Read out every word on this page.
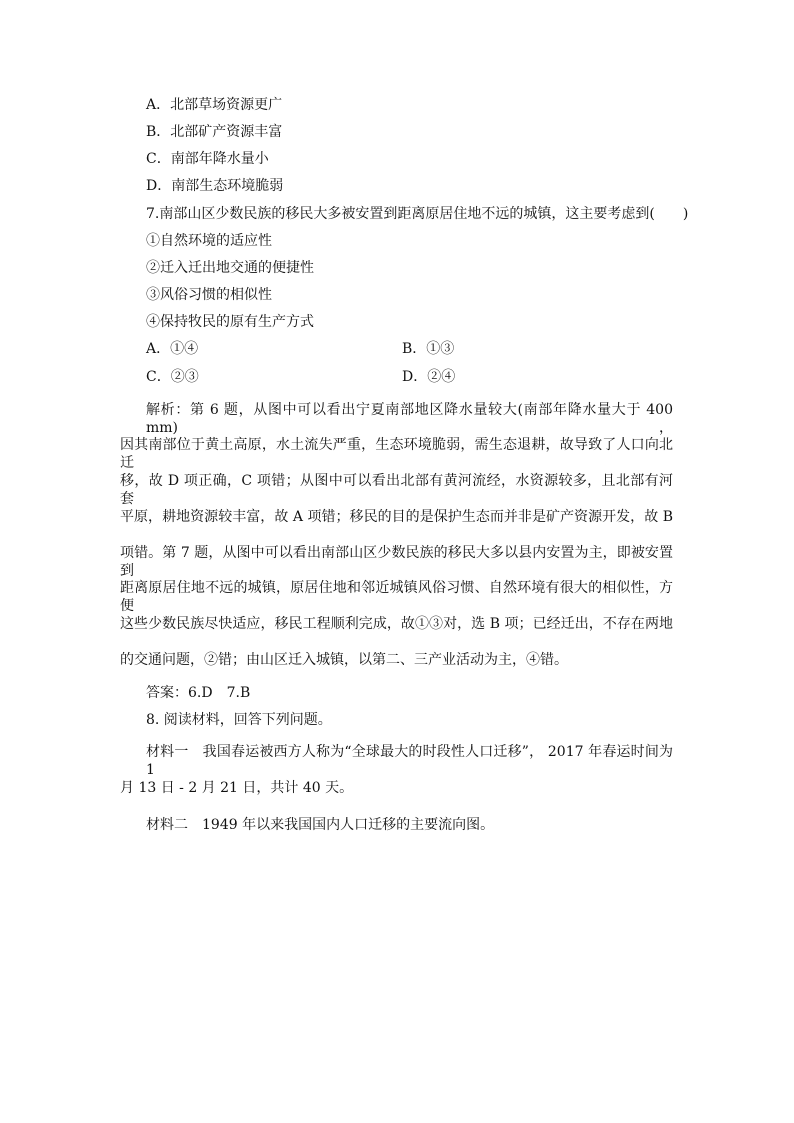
A．北部草场资源更广
B．北部矿产资源丰富
C．南部年降水量小
D．南部生态环境脆弱
7.南部山区少数民族的移民大多被安置到距离原居住地不远的城镇，这主要考虑到(　　)
①自然环境的适应性
②迁入迁出地交通的便捷性
③风俗习惯的相似性
④保持牧民的原有生产方式
A．①④	B．①③
C．②③	D．②④
解析：第 6 题，从图中可以看出宁夏南部地区降水量较大(南部年降水量大于 400 mm)，
因其南部位于黄土高原，水土流失严重，生态环境脆弱，需生态退耕，故导致了人口向北迁
移，故 D 项正确，C 项错；从图中可以看出北部有黄河流经，水资源较多，且北部有河套
平原，耕地资源较丰富，故 A 项错；移民的目的是保护生态而并非是矿产资源开发，故 B
项错。第 7 题，从图中可以看出南部山区少数民族的移民大多以县内安置为主，即被安置到
距离原居住地不远的城镇，原居住地和邻近城镇风俗习惯、自然环境有很大的相似性，方便
这些少数民族尽快适应，移民工程顺利完成，故①③对，选 B 项；已经迁出，不存在两地
的交通问题，②错；由山区迁入城镇，以第二、三产业活动为主，④错。
答案：6.D　7.B
8. 阅读材料，回答下列问题。
材料一　我国春运被西方人称为“全球最大的时段性人口迁移”， 2017 年春运时间为 1
月 13 日 - 2 月 21 日，共计 40 天。
材料二　1949 年以来我国国内人口迁移的主要流向图。
